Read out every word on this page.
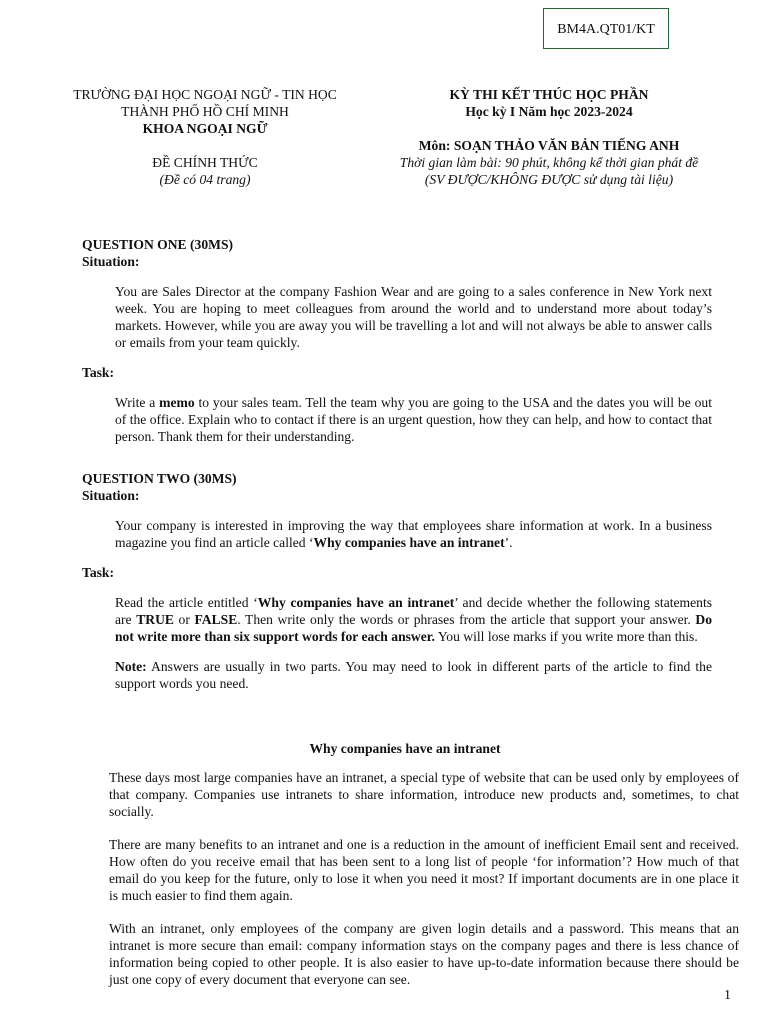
BM4A.QT01/KT
TRƯỜNG ĐẠI HỌC NGOẠI NGỮ - TIN HỌC
THÀNH PHỐ HỒ CHÍ MINH
KHOA NGOẠI NGỮ
ĐỀ CHÍNH THỨC
(Đề có 04 trang)
KỲ THI KẾT THÚC HỌC PHẦN
Học kỳ I Năm học 2023-2024
Môn: SOẠN THẢO VĂN BẢN TIẾNG ANH
Thời gian làm bài: 90 phút, không kể thời gian phát đề
(SV ĐƯỢC/KHÔNG ĐƯỢC sử dụng tài liệu)
QUESTION ONE (30MS)
Situation:

You are Sales Director at the company Fashion Wear and are going to a sales conference in New York next week. You are hoping to meet colleagues from around the world and to understand more about today’s markets. However, while you are away you will be travelling a lot and will not always be able to answer calls or emails from your team quickly.

Task:

Write a memo to your sales team. Tell the team why you are going to the USA and the dates you will be out of the office. Explain who to contact if there is an urgent question, how they can help, and how to contact that person. Thank them for their understanding.

QUESTION TWO (30MS)
Situation:

Your company is interested in improving the way that employees share information at work. In a business magazine you find an article called ‘Why companies have an intranet’.

Task:

Read the article entitled ‘Why companies have an intranet’ and decide whether the following statements are TRUE or FALSE. Then write only the words or phrases from the article that support your answer. Do not write more than six support words for each answer. You will lose marks if you write more than this.

Note: Answers are usually in two parts. You may need to look in different parts of the article to find the support words you need.

Why companies have an intranet

These days most large companies have an intranet, a special type of website that can be used only by employees of that company. Companies use intranets to share information, introduce new products and, sometimes, to chat socially.

There are many benefits to an intranet and one is a reduction in the amount of inefficient Email sent and received. How often do you receive email that has been sent to a long list of people ‘for information’? How much of that email do you keep for the future, only to lose it when you need it most? If important documents are in one place it is much easier to find them again.

With an intranet, only employees of the company are given login details and a password. This means that an intranet is more secure than email: company information stays on the company pages and there is less chance of information being copied to other people. It is also easier to have up-to-date information because there should be just one copy of every document that everyone can see.

1
